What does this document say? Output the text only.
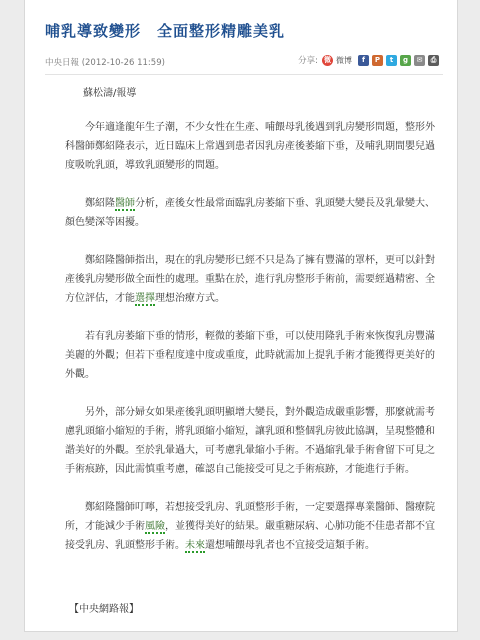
哺乳導致變形　全面整形精雕美乳
中央日報 (2012-10-26 11:59)	分享: 微 微博	f	P	t	g	✉	⎙
蘇松濤/報導

今年適逢龍年生子潮，不少女性在生產、哺餵母乳後遇到乳房變形問題，整形外科醫師鄭紹隆表示，近日臨床上常遇到患者因乳房產後萎縮下垂，及哺乳期間嬰兒過度吸吮乳頭，導致乳頭變形的問題。

鄭紹隆醫師分析，產後女性最常面臨乳房萎縮下垂、乳頭變大變長及乳暈變大、顏色變深等困擾。

鄭紹隆醫師指出，現在的乳房變形已經不只是為了擁有豐滿的罩杯，更可以針對產後乳房變形做全面性的處理。重點在於，進行乳房整形手術前，需要經過精密、全方位評估，才能選擇理想治療方式。

若有乳房萎縮下垂的情形，輕微的萎縮下垂，可以使用隆乳手術來恢復乳房豐滿美麗的外觀；但若下垂程度達中度或重度，此時就需加上提乳手術才能獲得更美好的外觀。

另外，部分婦女如果產後乳頭明顯增大變長，對外觀造成嚴重影響，那麼就需考慮乳頭縮小縮短的手術，將乳頭縮小縮短，讓乳頭和整個乳房彼此協調，呈現整體和諧美好的外觀。至於乳暈過大，可考慮乳暈縮小手術。不過縮乳暈手術會留下可見之手術痕跡，因此需慎重考慮，確認自己能接受可見之手術痕跡，才能進行手術。

鄭紹隆醫師叮嚀，若想接受乳房、乳頭整形手術，一定要選擇專業醫師、醫療院所，才能減少手術風險，並獲得美好的結果。嚴重糖尿病、心肺功能不佳患者都不宜接受乳房、乳頭整形手術。未來還想哺餵母乳者也不宜接受這類手術。

【中央網路報】
